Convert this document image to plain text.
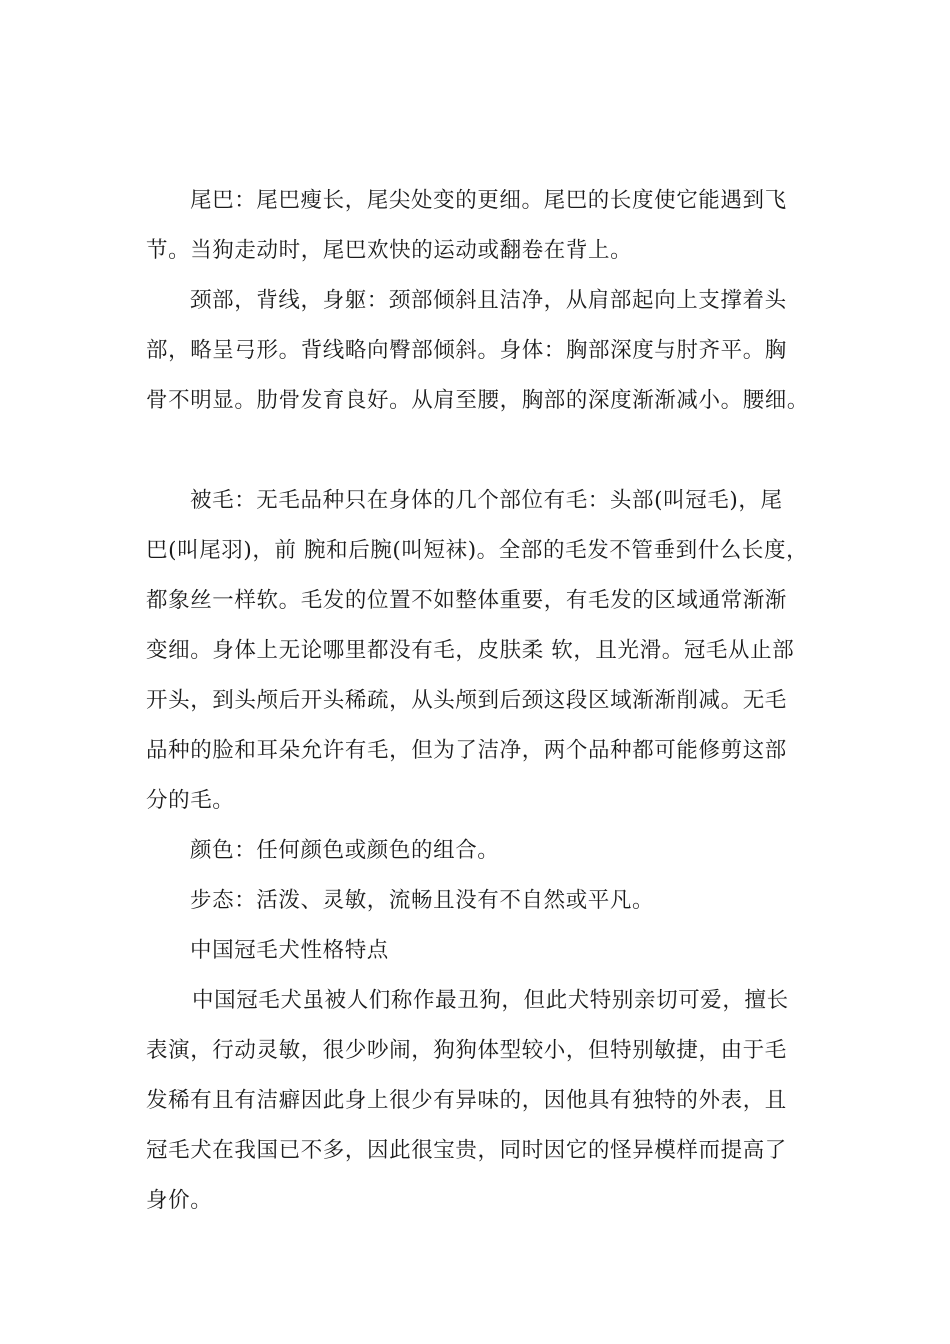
尾巴：尾巴瘦长，尾尖处变的更细。尾巴的长度使它能遇到飞
节。当狗走动时，尾巴欢快的运动或翻卷在背上。
颈部，背线，身躯：颈部倾斜且洁净，从肩部起向上支撑着头
部，略呈弓形。背线略向臀部倾斜。身体：胸部深度与肘齐平。胸
骨不明显。肋骨发育良好。从肩至腰，胸部的深度渐渐减小。腰细。
被毛：无毛品种只在身体的几个部位有毛：头部(叫冠毛)，尾
巴(叫尾羽)，前 腕和后腕(叫短袜)。全部的毛发不管垂到什么长度，
都象丝一样软。毛发的位置不如整体重要，有毛发的区域通常渐渐
变细。身体上无论哪里都没有毛，皮肤柔 软，且光滑。冠毛从止部
开头，到头颅后开头稀疏，从头颅到后颈这段区域渐渐削减。无毛
品种的脸和耳朵允许有毛，但为了洁净，两个品种都可能修剪这部
分的毛。
颜色：任何颜色或颜色的组合。
步态：活泼、灵敏，流畅且没有不自然或平凡。
中国冠毛犬性格特点
中国冠毛犬虽被人们称作最丑狗，但此犬特别亲切可爱，擅长
表演，行动灵敏，很少吵闹，狗狗体型较小，但特别敏捷，由于毛
发稀有且有洁癖因此身上很少有异味的，因他具有独特的外表，且
冠毛犬在我国已不多，因此很宝贵，同时因它的怪异模样而提高了
身价。
